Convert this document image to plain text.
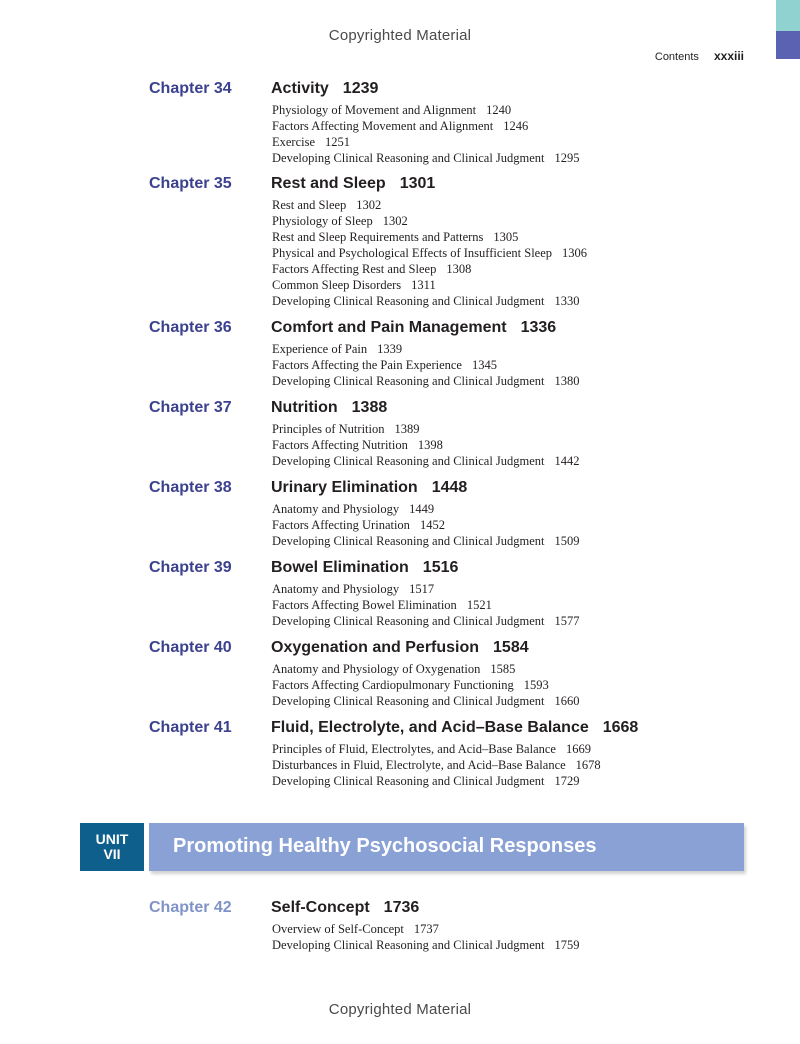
Copyrighted Material
Contents xxxiii
Chapter 34 Activity 1239
Physiology of Movement and Alignment 1240
Factors Affecting Movement and Alignment 1246
Exercise 1251
Developing Clinical Reasoning and Clinical Judgment 1295
Chapter 35 Rest and Sleep 1301
Rest and Sleep 1302
Physiology of Sleep 1302
Rest and Sleep Requirements and Patterns 1305
Physical and Psychological Effects of Insufficient Sleep 1306
Factors Affecting Rest and Sleep 1308
Common Sleep Disorders 1311
Developing Clinical Reasoning and Clinical Judgment 1330
Chapter 36 Comfort and Pain Management 1336
Experience of Pain 1339
Factors Affecting the Pain Experience 1345
Developing Clinical Reasoning and Clinical Judgment 1380
Chapter 37 Nutrition 1388
Principles of Nutrition 1389
Factors Affecting Nutrition 1398
Developing Clinical Reasoning and Clinical Judgment 1442
Chapter 38 Urinary Elimination 1448
Anatomy and Physiology 1449
Factors Affecting Urination 1452
Developing Clinical Reasoning and Clinical Judgment 1509
Chapter 39 Bowel Elimination 1516
Anatomy and Physiology 1517
Factors Affecting Bowel Elimination 1521
Developing Clinical Reasoning and Clinical Judgment 1577
Chapter 40 Oxygenation and Perfusion 1584
Anatomy and Physiology of Oxygenation 1585
Factors Affecting Cardiopulmonary Functioning 1593
Developing Clinical Reasoning and Clinical Judgment 1660
Chapter 41 Fluid, Electrolyte, and Acid–Base Balance 1668
Principles of Fluid, Electrolytes, and Acid–Base Balance 1669
Disturbances in Fluid, Electrolyte, and Acid–Base Balance 1678
Developing Clinical Reasoning and Clinical Judgment 1729
UNIT
VII	Promoting Healthy Psychosocial Responses
Chapter 42 Self-Concept 1736
Overview of Self-Concept 1737
Developing Clinical Reasoning and Clinical Judgment 1759
Copyrighted Material
